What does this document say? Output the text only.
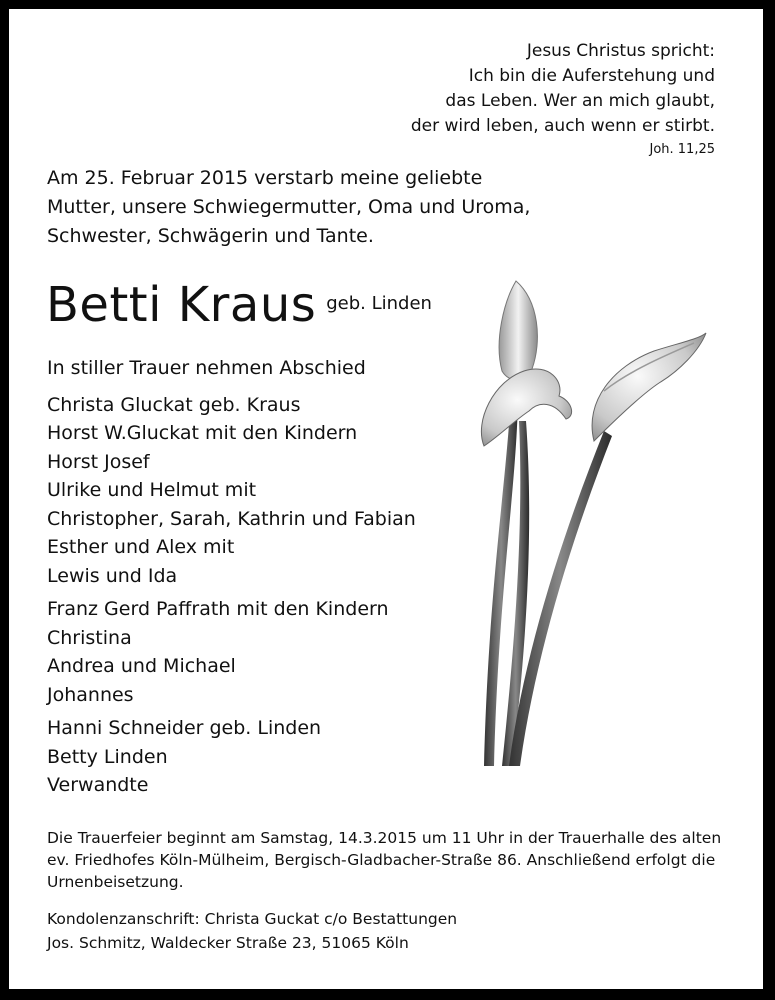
Jesus Christus spricht:
Ich bin die Auferstehung und
das Leben. Wer an mich glaubt,
der wird leben, auch wenn er stirbt.
Joh. 11,25
Am 25. Februar 2015 verstarb meine geliebte
Mutter, unsere Schwiegermutter, Oma und Uroma,
Schwester, Schwägerin und Tante.
Betti Kraus geb. Linden
In stiller Trauer nehmen Abschied
Christa Gluckat geb. Kraus
Horst W.Gluckat mit den Kindern
Horst Josef
Ulrike und Helmut mit
Christopher, Sarah, Kathrin und Fabian
Esther und Alex mit
Lewis und Ida
Franz Gerd Paffrath mit den Kindern
Christina
Andrea und Michael
Johannes
Hanni Schneider geb. Linden
Betty Linden
Verwandte
Die Trauerfeier beginnt am Samstag, 14.3.2015 um 11 Uhr in der Trauerhalle des alten ev. Friedhofes Köln-Mülheim, Bergisch-Gladbacher-Straße 86. Anschließend erfolgt die Urnenbeisetzung.
Kondolenzanschrift: Christa Guckat c/o Bestattungen
Jos. Schmitz, Waldecker Straße 23, 51065 Köln
